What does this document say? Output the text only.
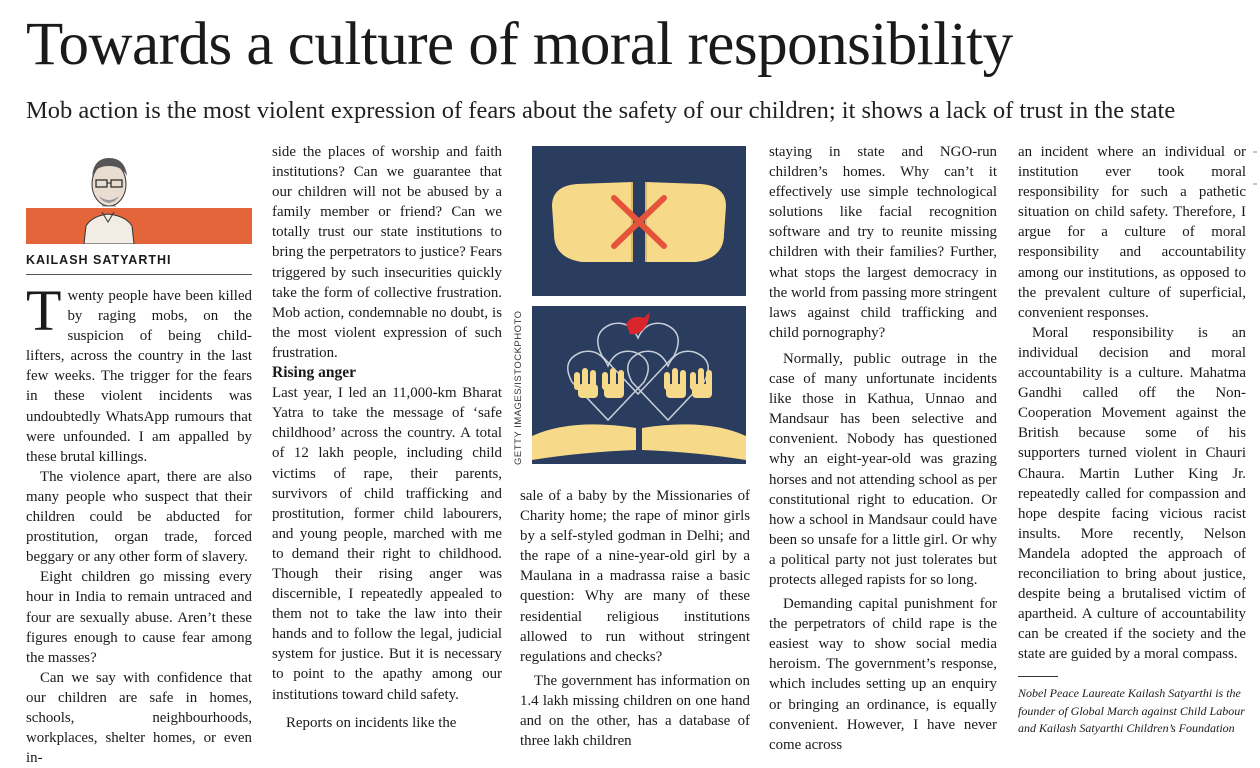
Towards a culture of moral responsibility

Mob action is the most violent expression of fears about the safety of our children; it shows a lack of trust in the state

KAILASH SATYARTHI

Twenty people have been killed by raging mobs, on the suspicion of being child-lifters, across the country in the last few weeks. The trigger for the fears in these violent incidents was undoubtedly WhatsApp rumours that were unfounded. I am appalled by these brutal killings.

The violence apart, there are also many people who suspect that their children could be abducted for prostitution, organ trade, forced beggary or any other form of slavery.

Eight children go missing every hour in India to remain untraced and four are sexually abuse. Aren’t these figures enough to cause fear among the masses?

Can we say with confidence that our children are safe in homes, schools, neighbourhoods, workplaces, shelter homes, or even in-

side the places of worship and faith institutions? Can we guarantee that our children will not be abused by a family member or friend? Can we totally trust our state institutions to bring the perpetrators to justice? Fears triggered by such insecurities quickly take the form of collective frustration. Mob action, condemnable no doubt, is the most violent expression of such frustration.

Rising anger

Last year, I led an 11,000-km Bharat Yatra to take the message of ‘safe childhood’ across the country. A total of 12 lakh people, including child victims of rape, their parents, survivors of child trafficking and prostitution, former child labourers, and young people, marched with me to demand their right to childhood. Though their rising anger was discernible, I repeatedly appealed to them not to take the law into their hands and to follow the legal, judicial system for justice. But it is necessary to point to the apathy among our institutions toward child safety.

Reports on incidents like the

GETTY IMAGES/ISTOCKPHOTO

sale of a baby by the Missionaries of Charity home; the rape of minor girls by a self-styled godman in Delhi; and the rape of a nine-year-old girl by a Maulana in a madrassa raise a basic question: Why are many of these residential religious institutions allowed to run without stringent regulations and checks?

The government has information on 1.4 lakh missing children on one hand and on the other, has a database of three lakh children

staying in state and NGO-run children’s homes. Why can’t it effectively use simple technological solutions like facial recognition software and try to reunite missing children with their families? Further, what stops the largest democracy in the world from passing more stringent laws against child trafficking and child pornography?

Normally, public outrage in the case of many unfortunate incidents like those in Kathua, Unnao and Mandsaur has been selective and convenient. Nobody has questioned why an eight-year-old was grazing horses and not attending school as per constitutional right to education. Or how a school in Mandsaur could have been so unsafe for a little girl. Or why a political party not just tolerates but protects alleged rapists for so long.

Demanding capital punishment for the perpetrators of child rape is the easiest way to show social media heroism. The government’s response, which includes setting up an enquiry or bringing an ordinance, is equally convenient. However, I have never come across

an incident where an individual or institution ever took moral responsibility for such a pathetic situation on child safety. Therefore, I argue for a culture of moral responsibility and accountability among our institutions, as opposed to the prevalent culture of superficial, convenient responses.

Moral responsibility is an individual decision and moral accountability is a culture. Mahatma Gandhi called off the Non-Cooperation Movement against the British because some of his supporters turned violent in Chauri Chaura. Martin Luther King Jr. repeatedly called for compassion and hope despite facing vicious racist insults. More recently, Nelson Mandela adopted the approach of reconciliation to bring about justice, despite being a brutalised victim of apartheid. A culture of accountability can be created if the society and the state are guided by a moral compass.

Nobel Peace Laureate Kailash Satyarthi is the founder of Global March against Child Labour and Kailash Satyarthi Children’s Foundation
